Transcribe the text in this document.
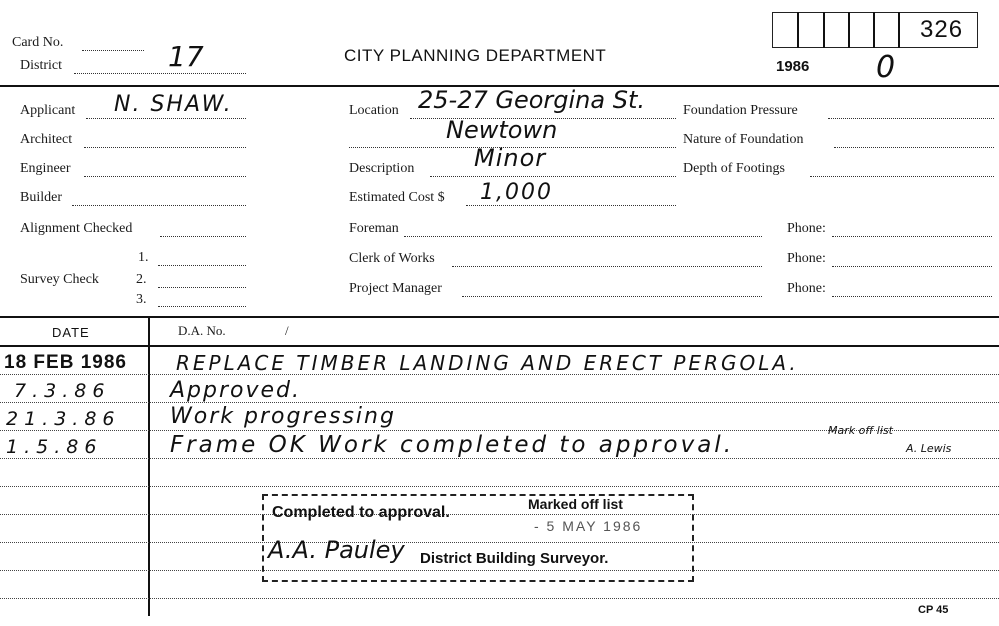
Card No.
District	17	CITY PLANNING DEPARTMENT
326
1986 0
Applicant N. SHAW.
Architect
Engineer
Builder
Alignment Checked
Survey Check
1.
2.
3.
Location 25-27 Georgina St.
Newtown
Description Minor
Estimated Cost $ 1,000
Foreman
Clerk of Works
Project Manager
Foundation Pressure
Nature of Foundation
Depth of Footings
Phone:
Phone:
Phone:
DATE	D.A. No.	/
18 FEB 1986 REPLACE TIMBER LANDING AND ERECT PERGOLA.
7.3.86	Approved.
21.3.86 Work progressing
1.5.86	Frame OK Work completed to approval.
Mark off list
A. Lewis
Completed to approval.	Marked off list
- 5 MAY 1986
A.A. Pauley District Building Surveyor.
CP 45
